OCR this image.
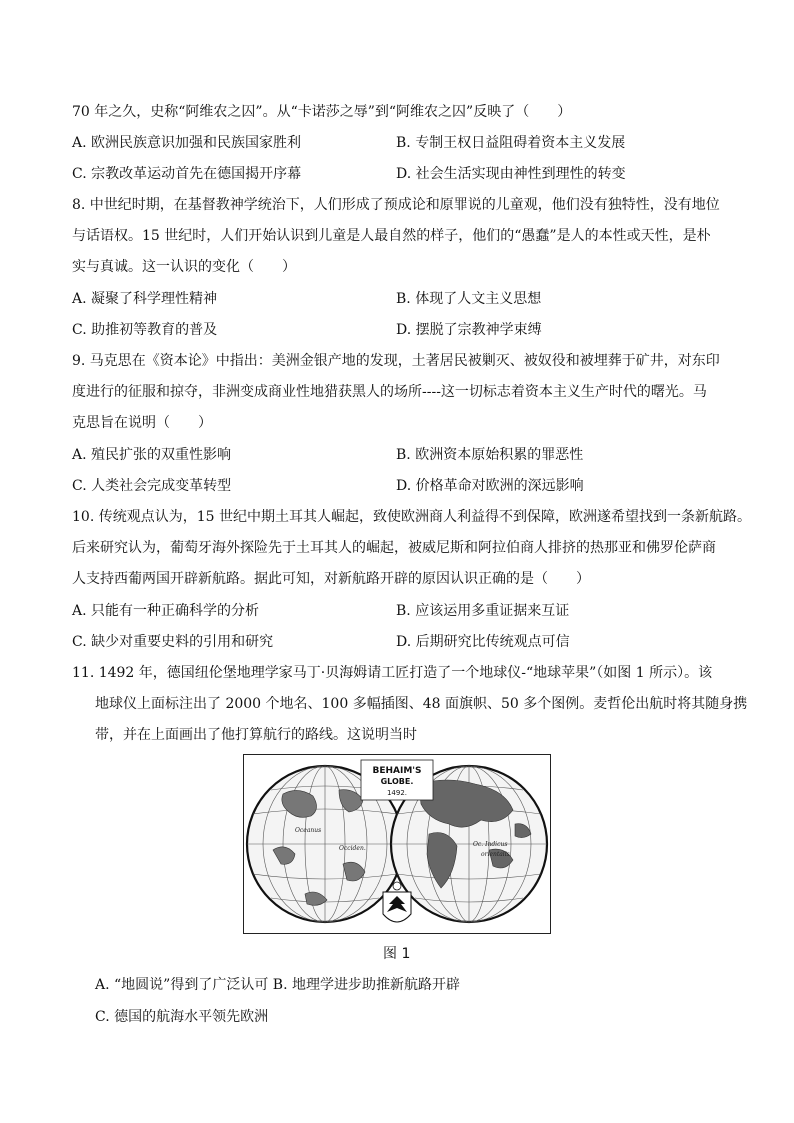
70 年之久，史称“阿维农之囚”。从“卡诺莎之辱”到“阿维农之囚”反映了（　　）
A. 欧洲民族意识加强和民族国家胜利	B. 专制王权日益阻碍着资本主义发展
C. 宗教改革运动首先在德国揭开序幕	D. 社会生活实现由神性到理性的转变
8. 中世纪时期，在基督教神学统治下，人们形成了预成论和原罪说的儿童观，他们没有独特性，没有地位
与话语权。15 世纪时，人们开始认识到儿童是人最自然的样子，他们的“愚蠢”是人的本性或天性，是朴
实与真诚。这一认识的变化（　　）
A. 凝聚了科学理性精神	B. 体现了人文主义思想
C. 助推初等教育的普及	D. 摆脱了宗教神学束缚
9. 马克思在《资本论》中指出：美洲金银产地的发现，土著居民被剿灭、被奴役和被埋葬于矿井，对东印
度进行的征服和掠夺，非洲变成商业性地猎获黑人的场所----这一切标志着资本主义生产时代的曙光。马
克思旨在说明（　　）
A. 殖民扩张的双重性影响	B. 欧洲资本原始积累的罪恶性
C. 人类社会完成变革转型	D. 价格革命对欧洲的深远影响
10. 传统观点认为，15 世纪中期土耳其人崛起，致使欧洲商人利益得不到保障，欧洲遂希望找到一条新航路。
后来研究认为，葡萄牙海外探险先于土耳其人的崛起，被威尼斯和阿拉伯商人排挤的热那亚和佛罗伦萨商
人支持西葡两国开辟新航路。据此可知，对新航路开辟的原因认识正确的是（　　）
A. 只能有一种正确科学的分析	B. 应该运用多重证据来互证
C. 缺少对重要史料的引用和研究	D. 后期研究比传统观点可信
11. 1492 年，德国纽伦堡地理学家马丁·贝海姆请工匠打造了一个地球仪-“地球苹果”（如图 1 所示）。该
地球仪上面标注出了 2000 个地名、100 多幅插图、48 面旗帜、50 多个图例。麦哲伦出航时将其随身携
带，并在上面画出了他打算航行的路线。这说明当时
Oceanus
Occiden.
Oc. Indicus
orientalis
BEHAIM'S
GLOBE.
1492.
图 1
A. “地圆说”得到了广泛认可 B. 地理学进步助推新航路开辟
C. 德国的航海水平领先欧洲
